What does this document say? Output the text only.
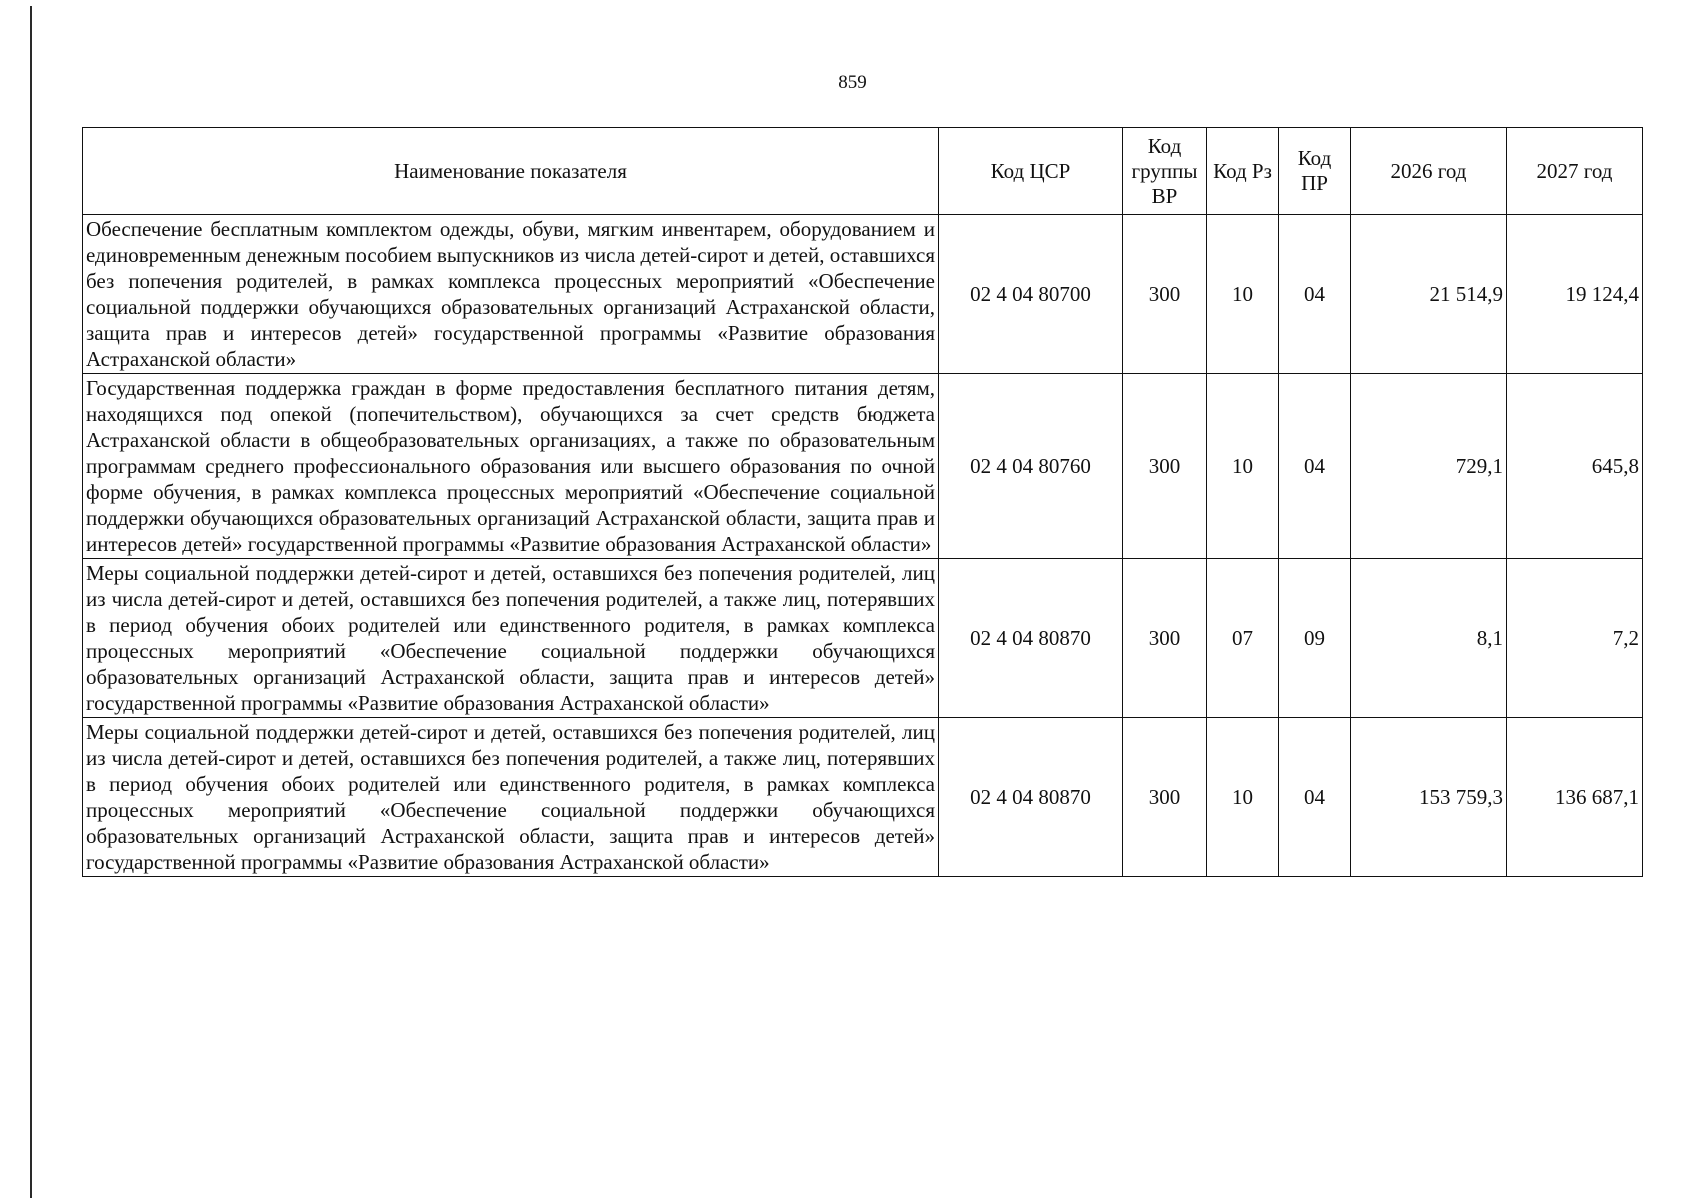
859
Наименование показателя	Код ЦСР	Код группы ВР	Код Рз	Код ПР	2026 год	2027 год
Обеспечение бесплатным комплектом одежды, обуви, мягким инвентарем, оборудованием и единовременным денежным пособием выпускников из числа детей-сирот и детей, оставшихся без попечения родителей, в рамках комплекса процессных мероприятий «Обеспечение социальной поддержки обучающихся образовательных организаций Астраханской области, защита прав и интересов детей» государственной программы «Развитие образования Астраханской области»	02 4 04 80700	300	10	04	21 514,9	19 124,4
Государственная поддержка граждан в форме предоставления бесплатного питания детям, находящихся под опекой (попечительством), обучающихся за счет средств бюджета Астраханской области в общеобразовательных организациях, а также по образовательным программам среднего профессионального образования или высшего образования по очной форме обучения, в рамках комплекса процессных мероприятий «Обеспечение социальной поддержки обучающихся образовательных организаций Астраханской области, защита прав и интересов детей» государственной программы «Развитие образования Астраханской области»	02 4 04 80760	300	10	04	729,1	645,8
Меры социальной поддержки детей-сирот и детей, оставшихся без попечения родителей, лиц из числа детей-сирот и детей, оставшихся без попечения родителей, а также лиц, потерявших в период обучения обоих родителей или единственного родителя, в рамках комплекса процессных мероприятий «Обеспечение социальной поддержки обучающихся образовательных организаций Астраханской области, защита прав и интересов детей» государственной программы «Развитие образования Астраханской области»	02 4 04 80870	300	07	09	8,1	7,2
Меры социальной поддержки детей-сирот и детей, оставшихся без попечения родителей, лиц из числа детей-сирот и детей, оставшихся без попечения родителей, а также лиц, потерявших в период обучения обоих родителей или единственного родителя, в рамках комплекса процессных мероприятий «Обеспечение социальной поддержки обучающихся образовательных организаций Астраханской области, защита прав и интересов детей» государственной программы «Развитие образования Астраханской области»	02 4 04 80870	300	10	04	153 759,3	136 687,1
